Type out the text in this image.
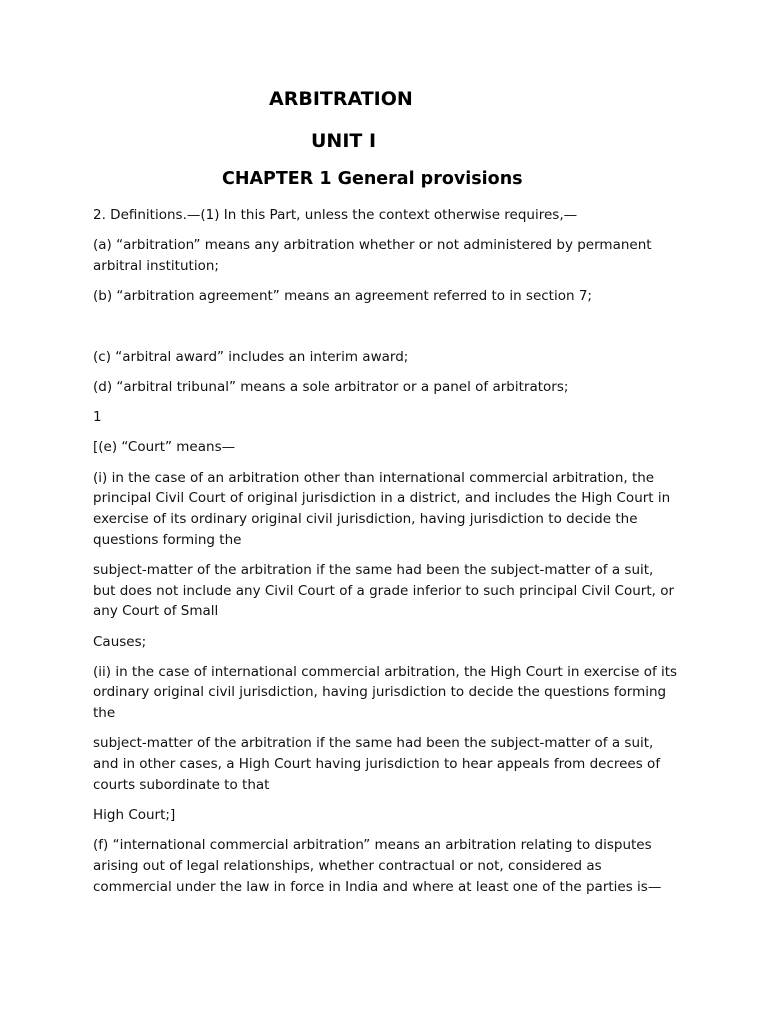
ARBITRATION
UNIT I
CHAPTER 1 General provisions

2. Definitions.—(1) In this Part, unless the context otherwise requires,—

(a) “arbitration” means any arbitration whether or not administered by permanent arbitral institution;

(b) “arbitration agreement” means an agreement referred to in section 7;

(c) “arbitral award” includes an interim award;

(d) “arbitral tribunal” means a sole arbitrator or a panel of arbitrators;

1

[(e) “Court” means—

(i) in the case of an arbitration other than international commercial arbitration, the principal Civil Court of original jurisdiction in a district, and includes the High Court in exercise of its ordinary original civil jurisdiction, having jurisdiction to decide the questions forming the

subject-matter of the arbitration if the same had been the subject-matter of a suit, but does not include any Civil Court of a grade inferior to such principal Civil Court, or any Court of Small

Causes;

(ii) in the case of international commercial arbitration, the High Court in exercise of its ordinary original civil jurisdiction, having jurisdiction to decide the questions forming the

subject-matter of the arbitration if the same had been the subject-matter of a suit, and in other cases, a High Court having jurisdiction to hear appeals from decrees of courts subordinate to that

High Court;]

(f) “international commercial arbitration” means an arbitration relating to disputes arising out of legal relationships, whether contractual or not, considered as commercial under the law in force in India and where at least one of the parties is—
